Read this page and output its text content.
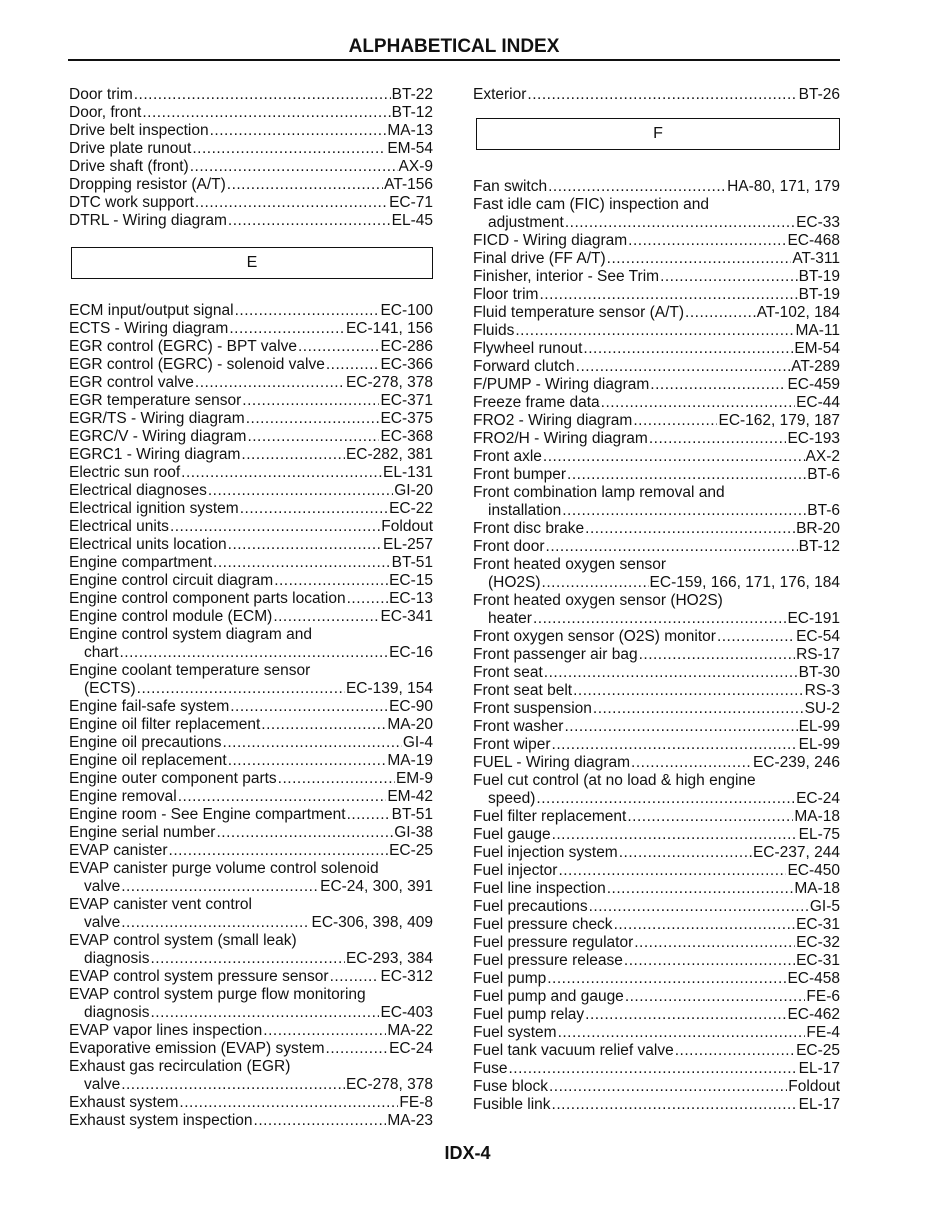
ALPHABETICAL INDEX
Door trim .....	BT-22
Door, front .....	BT-12
Drive belt inspection .....	MA-13
Drive plate runout .....	EM-54
Drive shaft (front) .....	AX-9
Dropping resistor (A/T) .....	AT-156
DTC work support .....	EC-71
DTRL - Wiring diagram .....	EL-45
E
ECM input/output signal .....	EC-100
ECTS - Wiring diagram .....	EC-141, 156
EGR control (EGRC) - BPT valve .....	EC-286
EGR control (EGRC) - solenoid valve .....	EC-366
EGR control valve .....	EC-278, 378
EGR temperature sensor .....	EC-371
EGR/TS - Wiring diagram .....	EC-375
EGRC/V - Wiring diagram .....	EC-368
EGRC1 - Wiring diagram .....	EC-282, 381
Electric sun roof .....	EL-131
Electrical diagnoses .....	GI-20
Electrical ignition system .....	EC-22
Electrical units .....	Foldout
Electrical units location .....	EL-257
Engine compartment .....	BT-51
Engine control circuit diagram .....	EC-15
Engine control component parts location .....	EC-13
Engine control module (ECM) .....	EC-341
Engine control system diagram and
chart .....	EC-16
Engine coolant temperature sensor
(ECTS) .....	EC-139, 154
Engine fail-safe system .....	EC-90
Engine oil filter replacement .....	MA-20
Engine oil precautions .....	GI-4
Engine oil replacement .....	MA-19
Engine outer component parts .....	EM-9
Engine removal .....	EM-42
Engine room - See Engine compartment .....	BT-51
Engine serial number .....	GI-38
EVAP canister .....	EC-25
EVAP canister purge volume control solenoid
valve .....	EC-24, 300, 391
EVAP canister vent control
valve .....	EC-306, 398, 409
EVAP control system (small leak)
diagnosis .....	EC-293, 384
EVAP control system pressure sensor .....	EC-312
EVAP control system purge flow monitoring
diagnosis .....	EC-403
EVAP vapor lines inspection .....	MA-22
Evaporative emission (EVAP) system .....	EC-24
Exhaust gas recirculation (EGR)
valve .....	EC-278, 378
Exhaust system .....	FE-8
Exhaust system inspection .....	MA-23
Exterior .....	BT-26
F
Fan switch .....	HA-80, 171, 179
Fast idle cam (FIC) inspection and
adjustment .....	EC-33
FICD - Wiring diagram .....	EC-468
Final drive (FF A/T) .....	AT-311
Finisher, interior - See Trim .....	BT-19
Floor trim .....	BT-19
Fluid temperature sensor (A/T) .....	AT-102, 184
Fluids .....	MA-11
Flywheel runout .....	EM-54
Forward clutch .....	AT-289
F/PUMP - Wiring diagram .....	EC-459
Freeze frame data .....	EC-44
FRO2 - Wiring diagram .....	EC-162, 179, 187
FRO2/H - Wiring diagram .....	EC-193
Front axle .....	AX-2
Front bumper .....	BT-6
Front combination lamp removal and
installation .....	BT-6
Front disc brake .....	BR-20
Front door .....	BT-12
Front heated oxygen sensor
(HO2S) .....	EC-159, 166, 171, 176, 184
Front heated oxygen sensor (HO2S)
heater .....	EC-191
Front oxygen sensor (O2S) monitor .....	EC-54
Front passenger air bag .....	RS-17
Front seat .....	BT-30
Front seat belt .....	RS-3
Front suspension .....	SU-2
Front washer .....	EL-99
Front wiper .....	EL-99
FUEL - Wiring diagram .....	EC-239, 246
Fuel cut control (at no load & high engine
speed) .....	EC-24
Fuel filter replacement .....	MA-18
Fuel gauge .....	EL-75
Fuel injection system .....	EC-237, 244
Fuel injector .....	EC-450
Fuel line inspection .....	MA-18
Fuel precautions .....	GI-5
Fuel pressure check .....	EC-31
Fuel pressure regulator .....	EC-32
Fuel pressure release .....	EC-31
Fuel pump .....	EC-458
Fuel pump and gauge .....	FE-6
Fuel pump relay .....	EC-462
Fuel system .....	FE-4
Fuel tank vacuum relief valve .....	EC-25
Fuse .....	EL-17
Fuse block .....	Foldout
Fusible link .....	EL-17
IDX-4
